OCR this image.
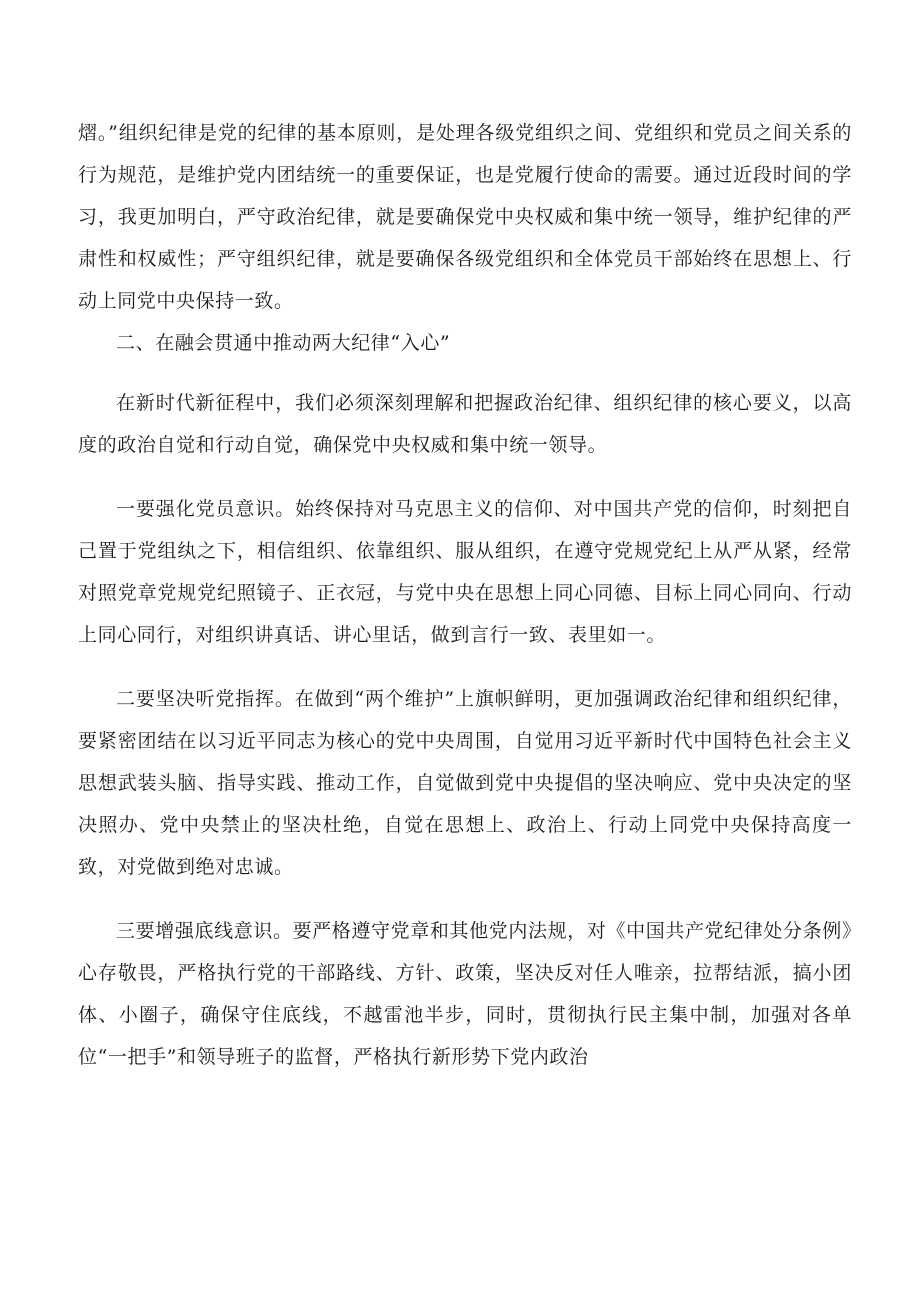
熠。”组织纪律是党的纪律的基本原则，是处理各级党组织之间、党组织和党员之间关系的行为规范，是维护党内团结统一的重要保证，也是党履行使命的需要。通过近段时间的学习，我更加明白，严守政治纪律，就是要确保党中央权威和集中统一领导，维护纪律的严肃性和权威性；严守组织纪律，就是要确保各级党组织和全体党员干部始终在思想上、行动上同党中央保持一致。

二、在融会贯通中推动两大纪律“入心”

在新时代新征程中，我们必须深刻理解和把握政治纪律、组织纪律的核心要义，以高度的政治自觉和行动自觉，确保党中央权威和集中统一领导。

一要强化党员意识。始终保持对马克思主义的信仰、对中国共产党的信仰，时刻把自己置于党组纨之下，相信组织、依靠组织、服从组织，在遵守党规党纪上从严从紧，经常对照党章党规党纪照镜子、正衣冠，与党中央在思想上同心同德、目标上同心同向、行动上同心同行，对组织讲真话、讲心里话，做到言行一致、表里如一。

二要坚决听党指挥。在做到“两个维护”上旗帜鲜明，更加强调政治纪律和组织纪律，要紧密团结在以习近平同志为核心的党中央周围，自觉用习近平新时代中国特色社会主义思想武装头脑、指导实践、推动工作，自觉做到党中央提倡的坚决响应、党中央决定的坚决照办、党中央禁止的坚决杜绝，自觉在思想上、政治上、行动上同党中央保持高度一致，对党做到绝对忠诚。

三要增强底线意识。要严格遵守党章和其他党内法规，对《中国共产党纪律处分条例》心存敬畏，严格执行党的干部路线、方针、政策，坚决反对任人唯亲，拉帮结派，搞小团体、小圈子，确保守住底线，不越雷池半步，同时，贯彻执行民主集中制，加强对各单位“一把手”和领导班子的监督，严格执行新形势下党内政治
